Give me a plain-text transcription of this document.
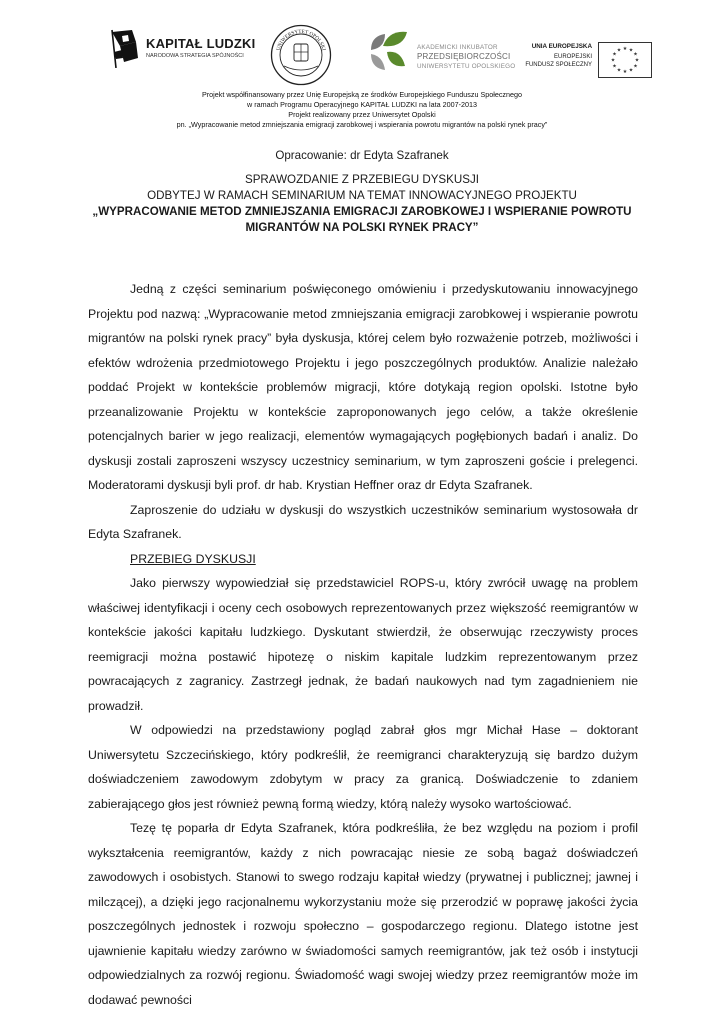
KAPITAŁ LUDZKI
NARODOWA STRATEGIA SPÓJNOŚCI
UNIWERSYTET OPOLSKI	AKADEMICKI INKUBATOR
PRZEDSIĘBIORCZOŚCI
UNIWERSYTETU OPOLSKIEGO
UNIA EUROPEJSKA
EUROPEJSKI
FUNDUSZ SPOŁECZNY
★ ★
★
★
★
★
★
★
★
★
★
★
Projekt współfinansowany przez Unię Europejską ze środków Europejskiego Funduszu Społecznego
w ramach Programu Operacyjnego KAPITAŁ LUDZKI na lata 2007-2013
Projekt realizowany przez Uniwersytet Opolski
pn. „Wypracowanie metod zmniejszania emigracji zarobkowej i wspierania powrotu migrantów na polski rynek pracy”
Opracowanie: dr Edyta Szafranek
SPRAWOZDANIE Z PRZEBIEGU DYSKUSJI
ODBYTEJ W RAMACH SEMINARIUM NA TEMAT INNOWACYJNEGO PROJEKTU
„WYPRACOWANIE METOD ZMNIEJSZANIA EMIGRACJI ZAROBKOWEJ I WSPIERANIE POWROTU
MIGRANTÓW NA POLSKI RYNEK PRACY”

Jedną z części seminarium poświęconego omówieniu i przedyskutowaniu innowacyjnego Projektu pod nazwą: „Wypracowanie metod zmniejszania emigracji zarobkowej i wspieranie powrotu migrantów na polski rynek pracy” była dyskusja, której celem było rozważenie potrzeb, możliwości i efektów wdrożenia przedmiotowego Projektu i jego poszczególnych produktów. Analizie należało poddać Projekt w kontekście problemów migracji, które dotykają region opolski. Istotne było przeanalizowanie Projektu w kontekście zaproponowanych jego celów, a także określenie potencjalnych barier w jego realizacji, elementów wymagających pogłębionych badań i analiz. Do dyskusji zostali zaproszeni wszyscy uczestnicy seminarium, w tym zaproszeni goście i prelegenci. Moderatorami dyskusji byli prof. dr hab. Krystian Heffner oraz dr Edyta Szafranek.

Zaproszenie do udziału w dyskusji do wszystkich uczestników seminarium wystosowała dr Edyta Szafranek.

PRZEBIEG DYSKUSJI

Jako pierwszy wypowiedział się przedstawiciel ROPS-u, który zwrócił uwagę na problem właściwej identyfikacji i oceny cech osobowych reprezentowanych przez większość reemigrantów w kontekście jakości kapitału ludzkiego. Dyskutant stwierdził, że obserwując rzeczywisty proces reemigracji można postawić hipotezę o niskim kapitale ludzkim reprezentowanym przez powracających z zagranicy. Zastrzegł jednak, że badań naukowych nad tym zagadnieniem nie prowadził.

W odpowiedzi na przedstawiony pogląd zabrał głos mgr Michał Hase – doktorant Uniwersytetu Szczecińskiego, który podkreślił, że reemigranci charakteryzują się bardzo dużym doświadczeniem zawodowym zdobytym w pracy za granicą. Doświadczenie to zdaniem zabierającego głos jest również pewną formą wiedzy, którą należy wysoko wartościować.

Tezę tę poparła dr Edyta Szafranek, która podkreśliła, że bez względu na poziom i profil wykształcenia reemigrantów, każdy z nich powracając niesie ze sobą bagaż doświadczeń zawodowych i osobistych. Stanowi to swego rodzaju kapitał wiedzy (prywatnej i publicznej; jawnej i milczącej), a dzięki jego racjonalnemu wykorzystaniu może się przerodzić w poprawę jakości życia poszczególnych jednostek i rozwoju społeczno – gospodarczego regionu. Dlatego istotne jest ujawnienie kapitału wiedzy zarówno w świadomości samych reemigrantów, jak też osób i instytucji odpowiedzialnych za rozwój regionu. Świadomość wagi swojej wiedzy przez reemigrantów może im dodawać pewności
